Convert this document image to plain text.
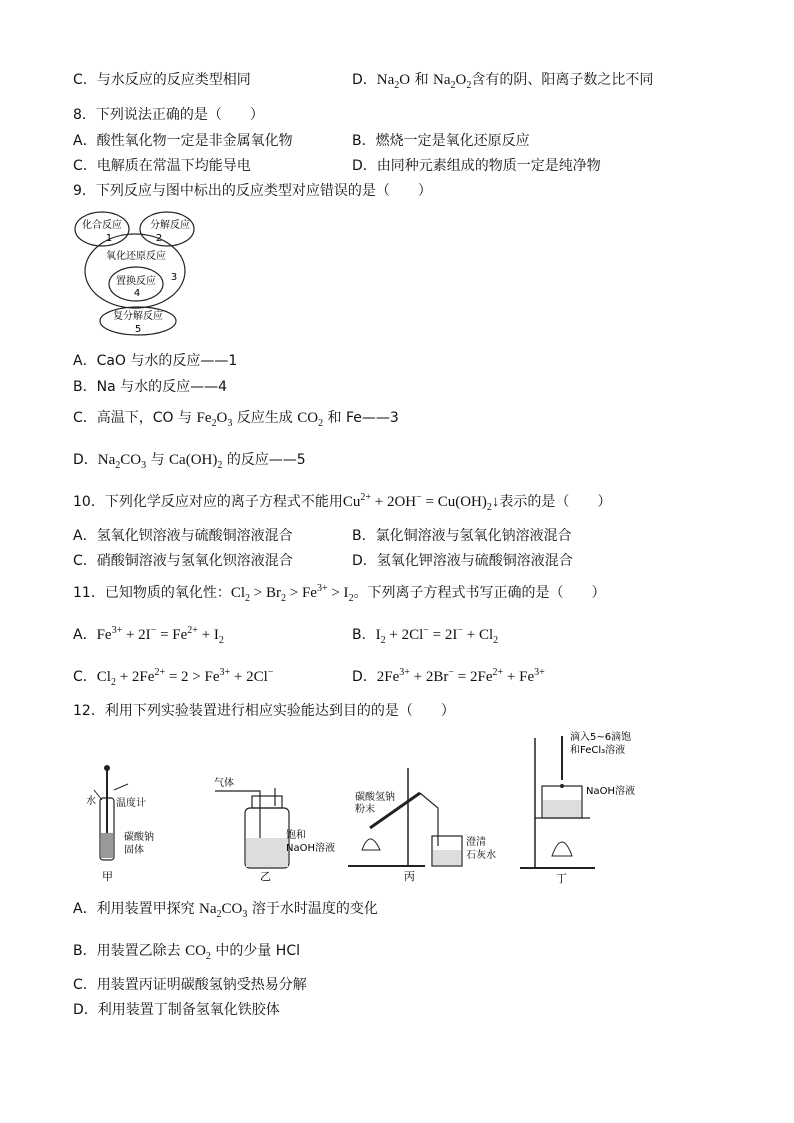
C．与水反应的反应类型相同	D．$Na_2O$ 和 $Na_2O_2$含有的阴、阳离子数之比不同
8．下列说法正确的是（　　）
A．酸性氧化物一定是非金属氧化物	B．燃烧一定是氧化还原反应
C．电解质在常温下均能导电	D．由同种元素组成的物质一定是纯净物
9．下列反应与图中标出的反应类型对应错误的是（　　）
化合反应
1
分解反应
2
氧化还原反应
3
置换反应
4
复分解反应
5
A．CaO 与水的反应——1
B．Na 与水的反应——4
C．高温下，CO 与 $Fe_2O_3$ 反应生成 $CO_2$ 和 Fe——3
D．$Na_2CO_3$ 与 $Ca(OH)_2$ 的反应——5
10．下列化学反应对应的离子方程式不能用$Cu^{2+} + 2OH^-$ = $Cu(OH)_2↓$表示的是（　　）
A．氢氧化钡溶液与硫酸铜溶液混合	B．氯化铜溶液与氢氧化钠溶液混合
C．硝酸铜溶液与氢氧化钡溶液混合	D．氢氧化钾溶液与硫酸铜溶液混合
11．已知物质的氧化性：$Cl_2 > Br_2 > Fe^{3+} > I_2$。下列离子方程式书写正确的是（　　）
A．$Fe^{3+} + 2I^- = Fe^{2+} + I_2$	B．$I_2 + 2Cl^- = 2I^- + Cl_2$
C．$Cl_2 + 2Fe^{2+} = 2 > Fe^{3+} + 2Cl^-$	D．$2Fe^{3+} + 2Br^- = 2Fe^{2+} + Fe^{3+}$
12．利用下列实验装置进行相应实验能达到目的的是（　　）
水 温度计
碳酸钠
固体
甲
气体
饱和
NaOH溶液
乙
碳酸氢钠
粉末
澄清
石灰水
丙
滴入5~6滴饱
和FeCl₃溶液
NaOH溶液
丁
A．利用装置甲探究 $Na_2CO_3$ 溶于水时温度的变化
B．用装置乙除去 $CO_2$ 中的少量 HCl
C．用装置丙证明碳酸氢钠受热易分解
D．利用装置丁制备氢氧化铁胶体
